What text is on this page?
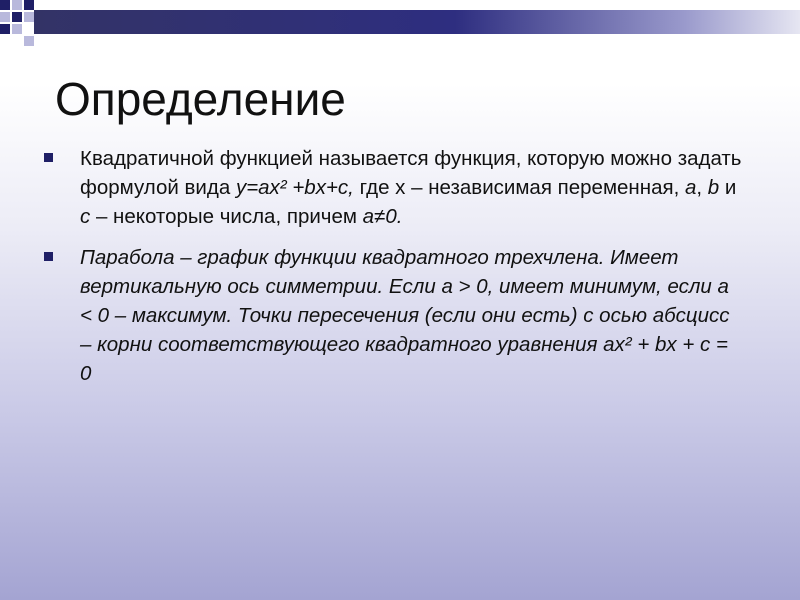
Определение

Квадратичной функцией называется функция, которую можно задать формулой вида y=ax² +bx+c, где х – независимая переменная, a, b и c – некоторые числа, причем a≠0.

Парабола – график функции квадратного трехчлена. Имеет вертикальную ось симметрии. Если а > 0, имеет минимум, если а < 0 – максимум. Точки пересечения (если они есть) с осью абсцисс – корни соответствующего квадратного уравнения ах² + bх + с = 0
